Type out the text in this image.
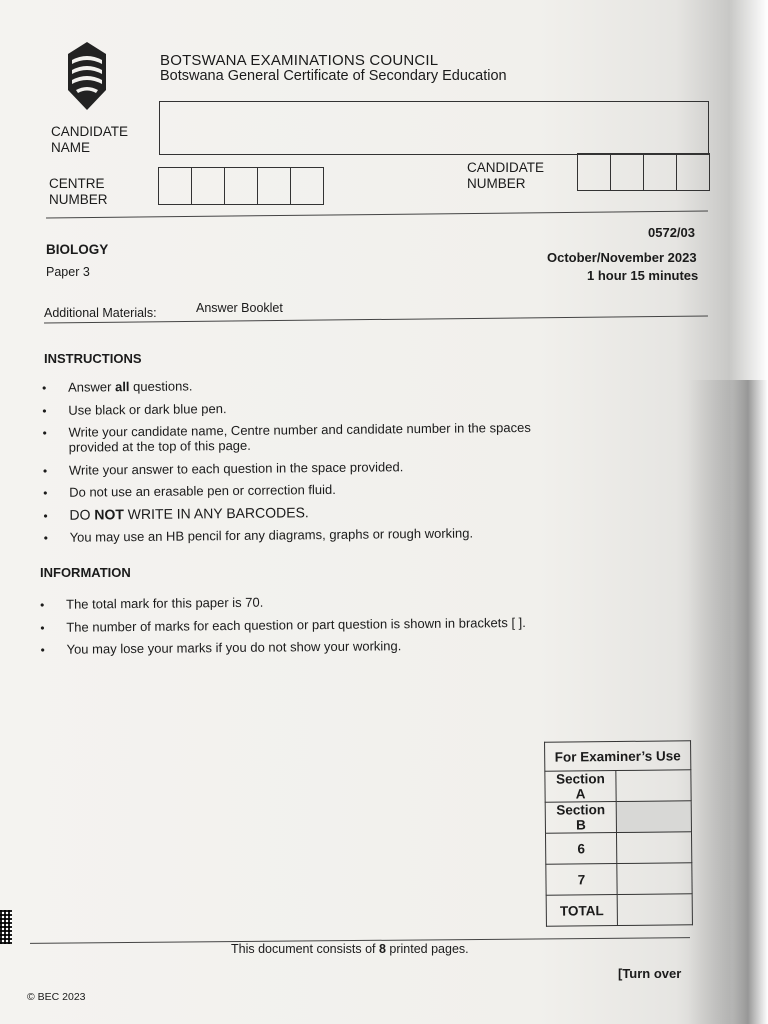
BOTSWANA EXAMINATIONS COUNCIL
Botswana General Certificate of Secondary Education
CANDIDATE
NAME
CENTRE
NUMBER
CANDIDATE
NUMBER
BIOLOGY
Paper 3
0572/03
October/November 2023
1 hour 15 minutes
Additional Materials:	Answer Booklet
INSTRUCTIONS
• Answer all questions.
• Use black or dark blue pen.
• Write your candidate name, Centre number and candidate number in the spaces
provided at the top of this page.
• Write your answer to each question in the space provided.
• Do not use an erasable pen or correction fluid.
• DO NOT WRITE IN ANY BARCODES.
• You may use an HB pencil for any diagrams, graphs or rough working.
INFORMATION
• The total mark for this paper is 70.
• The number of marks for each question or part question is shown in brackets [ ].
• You may lose your marks if you do not show your working.
For Examiner’s Use	
Section A	
Section B	
6	
7	
TOTAL	
This document consists of 8 printed pages.
[Turn over
© BEC 2023
